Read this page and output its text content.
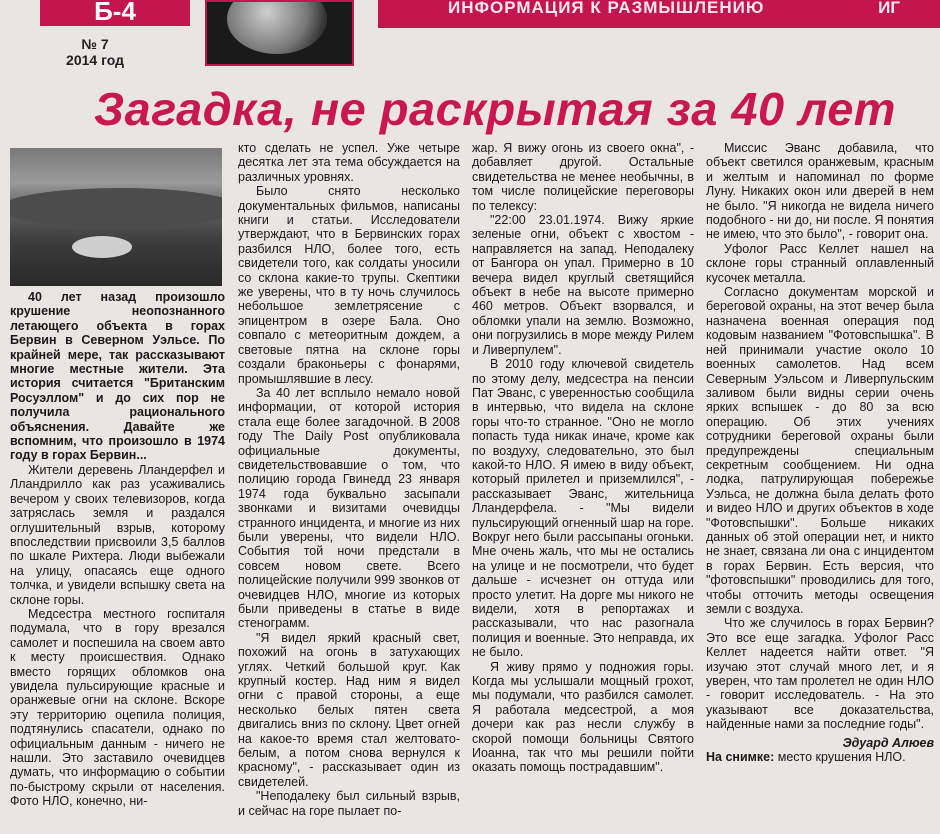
Б-4	ИНФОРМАЦИЯ К РАЗМЫШЛЕНИЮ	ИГ
№ 7
2014 год
Загадка, не раскрытая за 40 лет

40 лет назад произошло крушение неопознанного летающего объекта в горах Бервин в Северном Уэльсе. По крайней мере, так рассказывают многие местные жители. Эта история считается "Британским Росуэллом" и до сих пор не получила рационального объяснения. Давайте же вспомним, что произошло в 1974 году в горах Бервин...

Жители деревень Лландерфел и Лландрилло как раз усаживались вечером у своих телевизоров, когда затряслась земля и раздался оглушительный взрыв, которому впоследствии присвоили 3,5 баллов по шкале Рихтера. Люди выбежали на улицу, опасаясь еще одного толчка, и увидели вспышку света на склоне горы.

Медсестра местного госпиталя подумала, что в гору врезался самолет и поспешила на своем авто к месту происшествия. Однако вместо горящих обломков она увидела пульсирующие красные и оранжевые огни на склоне. Вскоре эту территорию оцепила полиция, подтянулись спасатели, однако по официальным данным - ничего не нашли. Это заставило очевидцев думать, что информацию о событии по-быстрому скрыли от населения. Фото НЛО, конечно, ни-

кто сделать не успел. Уже четыре десятка лет эта тема обсуждается на различных уровнях.

Было снято несколько документальных фильмов, написаны книги и статьи. Исследователи утверждают, что в Бервинских горах разбился НЛО, более того, есть свидетели того, как солдаты уносили со склона какие-то трупы. Скептики же уверены, что в ту ночь случилось небольшое землетрясение с эпицентром в озере Бала. Оно совпало с метеоритным дождем, а световые пятна на склоне горы создали браконьеры с фонарями, промышлявшие в лесу.

За 40 лет всплыло немало новой информации, от которой история стала еще более загадочной. В 2008 году The Daily Post опубликовала официальные документы, свидетельствовавшие о том, что полицию города Гвинедд 23 января 1974 года буквально засыпали звонками и визитами очевидцы странного инцидента, и многие из них были уверены, что видели НЛО. События той ночи предстали в совсем новом свете. Всего полицейские получили 999 звонков от очевидцев НЛО, многие из которых были приведены в статье в виде стенограмм.

"Я видел яркий красный свет, похожий на огонь в затухающих углях. Четкий большой круг. Как крупный костер. Над ним я видел огни с правой стороны, а еще несколько белых пятен света двигались вниз по склону. Цвет огней на какое-то время стал желтовато-белым, а потом снова вернулся к красному", - рассказывает один из свидетелей.

"Неподалеку был сильный взрыв, и сейчас на горе пылает по-

жар. Я вижу огонь из своего окна", - добавляет другой. Остальные свидетельства не менее необычны, в том числе полицейские переговоры по телексу:

"22:00 23.01.1974. Вижу яркие зеленые огни, объект с хвостом - направляется на запад. Неподалеку от Бангора он упал. Примерно в 10 вечера видел круглый светящийся объект в небе на высоте примерно 460 метров. Объект взорвался, и обломки упали на землю. Возможно, они погрузились в море между Рилем и Ливерпулем".

В 2010 году ключевой свидетель по этому делу, медсестра на пенсии Пат Эванс, с уверенностью сообщила в интервью, что видела на склоне горы что-то странное. "Оно не могло попасть туда никак иначе, кроме как по воздуху, следовательно, это был какой-то НЛО. Я имею в виду объект, который прилетел и приземлился", - рассказывает Эванс, жительница Лландерфела. - "Мы видели пульсирующий огненный шар на горе. Вокруг него были рассыпаны огоньки. Мне очень жаль, что мы не остались на улице и не посмотрели, что будет дальше - исчезнет он оттуда или просто улетит. На дорге мы никого не видели, хотя в репортажах и рассказывали, что нас разогнала полиция и военные. Это неправда, их не было.

Я живу прямо у подножия горы. Когда мы услышали мощный грохот, мы подумали, что разбился самолет. Я работала медсестрой, а моя дочери как раз несли службу в скорой помощи больницы Святого Иоанна, так что мы решили пойти оказать помощь пострадавшим".

Миссис Эванс добавила, что объект светился оранжевым, красным и желтым и напоминал по форме Луну. Никаких окон или дверей в нем не было. "Я никогда не видела ничего подобного - ни до, ни после. Я понятия не имею, что это было", - говорит она.

Уфолог Расс Келлет нашел на склоне горы странный оплавленный кусочек металла.

Согласно документам морской и береговой охраны, на этот вечер была назначена военная операция под кодовым названием "Фотовспышка". В ней принимали участие около 10 военных самолетов. Над всем Северным Уэльсом и Ливерпульским заливом были видны серии очень ярких вспышек - до 80 за всю операцию. Об этих учениях сотрудники береговой охраны были предупреждены специальным секретным сообщением. Ни одна лодка, патрулирующая побережье Уэльса, не должна была делать фото и видео НЛО и других объектов в ходе "Фотовспышки". Больше никаких данных об этой операции нет, и никто не знает, связана ли она с инцидентом в горах Бервин. Есть версия, что "фотовспышки" проводились для того, чтобы отточить методы освещения земли с воздуха.

Что же случилось в горах Бервин? Это все еще загадка. Уфолог Расс Келлет надеется найти ответ. "Я изучаю этот случай много лет, и я уверен, что там пролетел не один НЛО - говорит исследователь. - На это указывают все доказательства, найденные нами за последние годы".

Эдуард Алюев

На снимке: место крушения НЛО.
